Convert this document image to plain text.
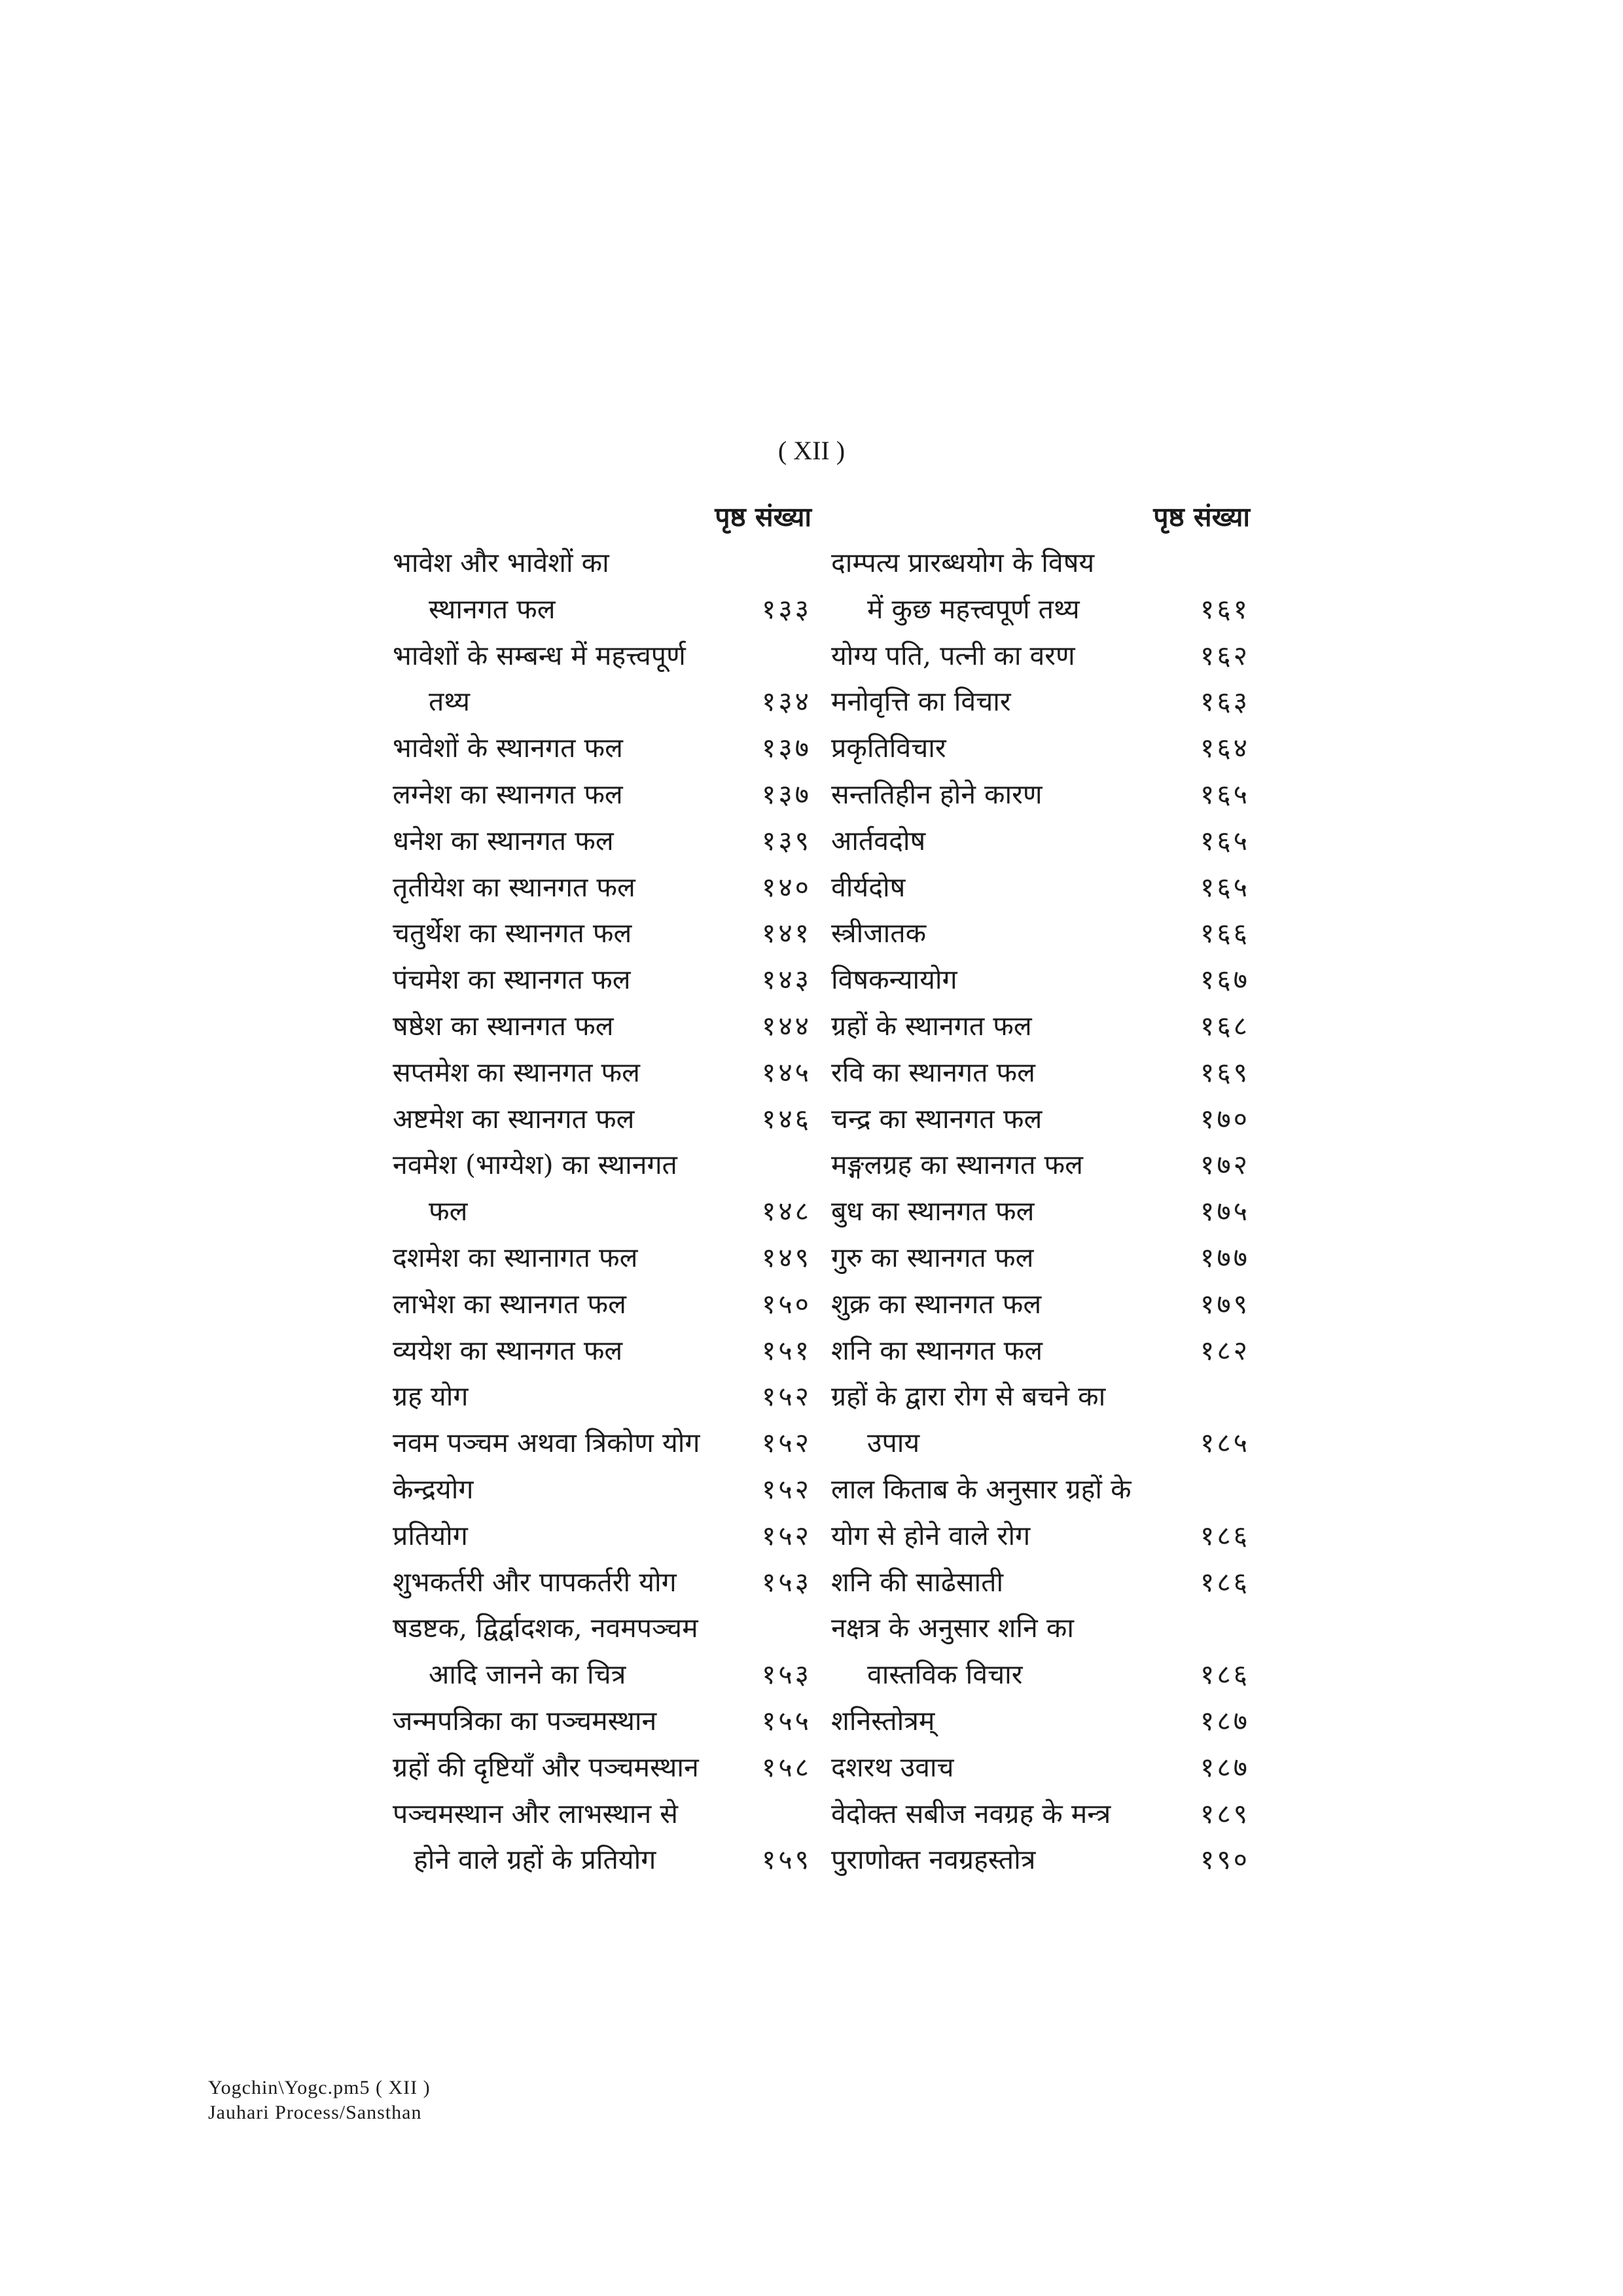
( XII )
पृष्ठ संख्या
भावेश और भावेशों का
स्थानगत फल	१३३
भावेशों के सम्बन्ध में महत्त्वपूर्ण
तथ्य	१३४
भावेशों के स्थानगत फल	१३७
लग्नेश का स्थानगत फल	१३७
धनेश का स्थानगत फल	१३९
तृतीयेश का स्थानगत फल	१४०
चतुर्थेश का स्थानगत फल	१४१
पंचमेश का स्थानगत फल	१४३
षष्ठेश का स्थानगत फल	१४४
सप्तमेश का स्थानगत फल	१४५
अष्टमेश का स्थानगत फल	१४६
नवमेश (भाग्येश) का स्थानगत
फल	१४८
दशमेश का स्थानागत फल	१४९
लाभेश का स्थानगत फल	१५०
व्ययेश का स्थानगत फल	१५१
ग्रह योग	१५२
नवम पञ्चम अथवा त्रिकोण योग १५२
केन्द्रयोग	१५२
प्रतियोग	१५२
शुभकर्तरी और पापकर्तरी योग	१५३
षडष्टक, द्विर्द्वादशक, नवमपञ्चम
आदि जानने का चित्र	१५३
जन्मपत्रिका का पञ्चमस्थान	१५५
ग्रहों की दृष्टियाँ और पञ्चमस्थान १५८
पञ्चमस्थान और लाभस्थान से
होने वाले ग्रहों के प्रतियोग	१५९
पृष्ठ संख्या
दाम्पत्य प्रारब्धयोग के विषय
में कुछ महत्त्वपूर्ण तथ्य	१६१
योग्य पति, पत्नी का वरण	१६२
मनोवृत्ति का विचार	१६३
प्रकृतिविचार	१६४
सन्ततिहीन होने कारण	१६५
आर्तवदोष	१६५
वीर्यदोष	१६५
स्त्रीजातक	१६६
विषकन्यायोग	१६७
ग्रहों के स्थानगत फल	१६८
रवि का स्थानगत फल	१६९
चन्द्र का स्थानगत फल	१७०
मङ्गलग्रह का स्थानगत फल	१७२
बुध का स्थानगत फल	१७५
गुरु का स्थानगत फल	१७७
शुक्र का स्थानगत फल	१७९
शनि का स्थानगत फल	१८२
ग्रहों के द्वारा रोग से बचने का
उपाय	१८५
लाल किताब के अनुसार ग्रहों के
योग से होने वाले रोग	१८६
शनि की साढेसाती	१८६
नक्षत्र के अनुसार शनि का
वास्तविक विचार	१८६
शनिस्तोत्रम्	१८७
दशरथ उवाच	१८७
वेदोक्त सबीज नवग्रह के मन्त्र	१८९
पुराणोक्त नवग्रहस्तोत्र	१९०
Yogchin\Yogc.pm5 ( XII )
Jauhari Process/Sansthan
